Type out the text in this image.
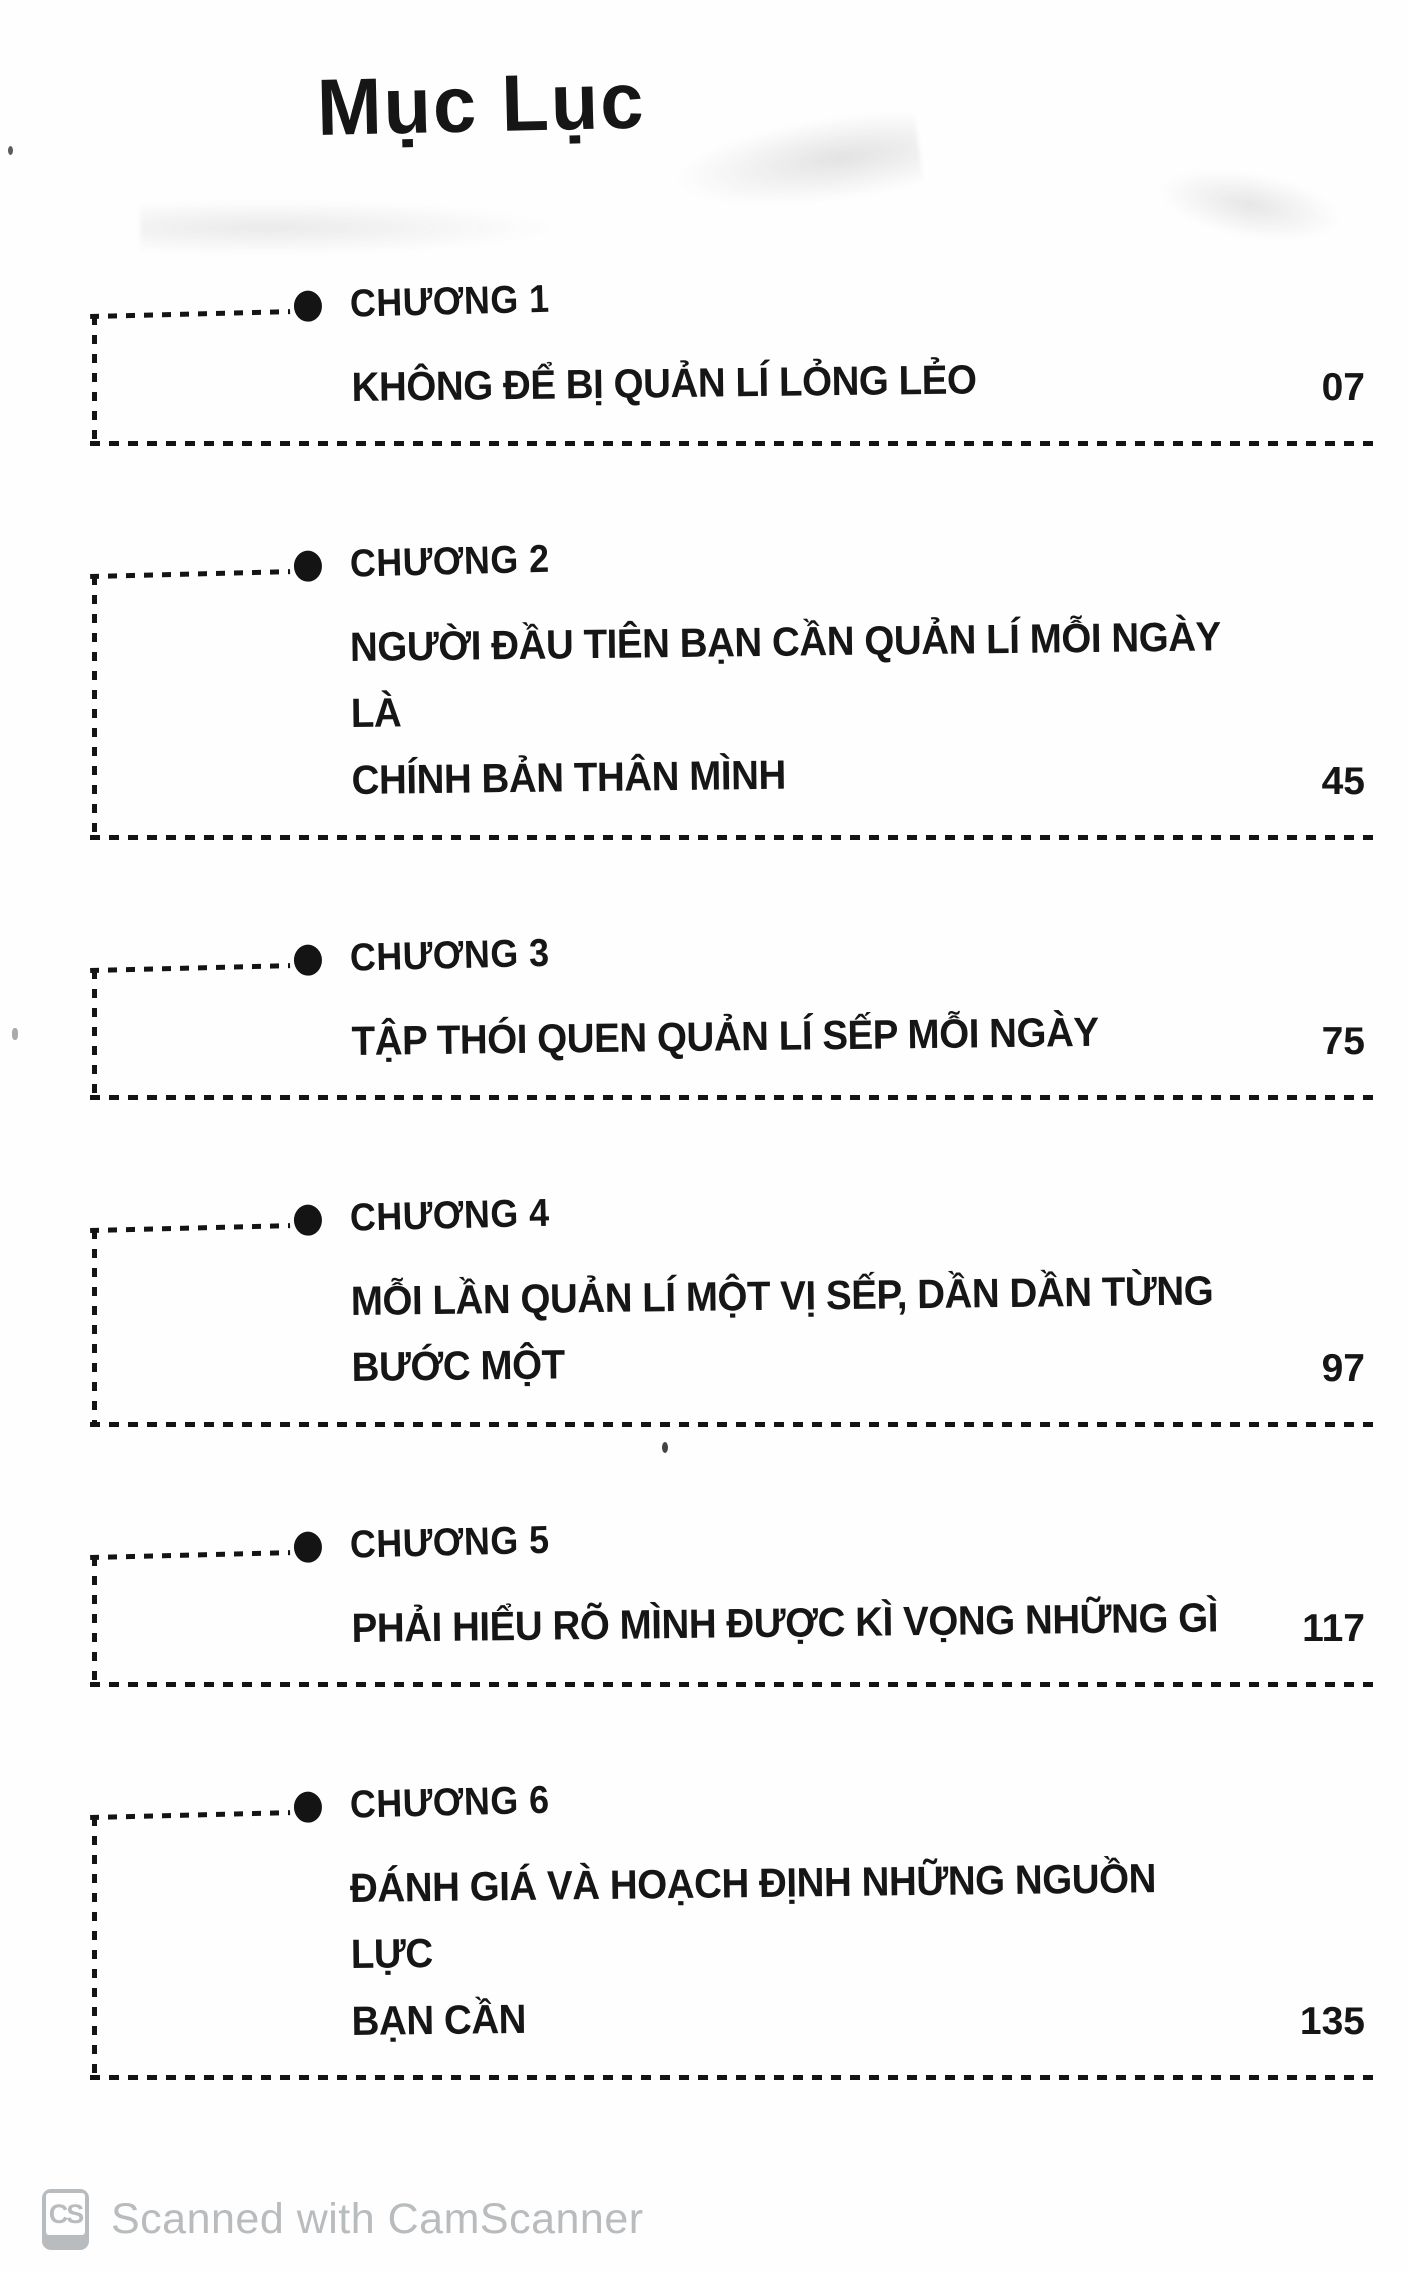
Mục Lục
CHƯƠNG 1
KHÔNG ĐỂ BỊ QUẢN LÍ LỎNG LẺO	07
CHƯƠNG 2
NGƯỜI ĐẦU TIÊN BẠN CẦN QUẢN LÍ MỖI NGÀY LÀ
CHÍNH BẢN THÂN MÌNH	45
CHƯƠNG 3
TẬP THÓI QUEN QUẢN LÍ SẾP MỖI NGÀY	75
CHƯƠNG 4
MỖI LẦN QUẢN LÍ MỘT VỊ SẾP, DẦN DẦN TỪNG
BƯỚC MỘT	97
CHƯƠNG 5
PHẢI HIỂU RÕ MÌNH ĐƯỢC KÌ VỌNG NHỮNG GÌ	117
CHƯƠNG 6
ĐÁNH GIÁ VÀ HOẠCH ĐỊNH NHỮNG NGUỒN LỰC
BẠN CẦN	135
CS Scanned with CamScanner
